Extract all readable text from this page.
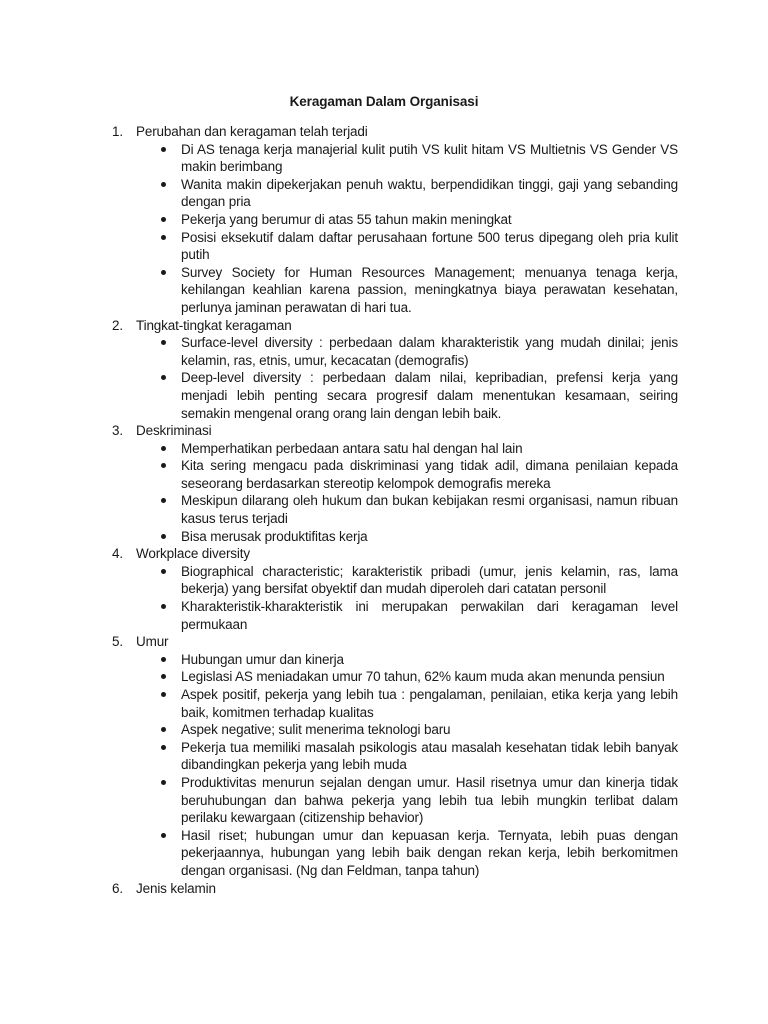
Keragaman Dalam Organisasi
1. Perubahan dan keragaman telah terjadi
Di AS tenaga kerja manajerial kulit putih VS kulit hitam VS Multietnis VS Gender VS makin berimbang
Wanita makin dipekerjakan penuh waktu, berpendidikan tinggi, gaji yang sebanding dengan pria
Pekerja yang berumur di atas 55 tahun makin meningkat
Posisi eksekutif dalam daftar perusahaan fortune 500 terus dipegang oleh pria kulit putih
Survey Society for Human Resources Management; menuanya tenaga kerja, kehilangan keahlian karena passion, meningkatnya biaya perawatan kesehatan, perlunya jaminan perawatan di hari tua.
2. Tingkat-tingkat keragaman
Surface-level diversity : perbedaan dalam kharakteristik yang mudah dinilai; jenis kelamin, ras, etnis, umur, kecacatan (demografis)
Deep-level diversity : perbedaan dalam nilai, kepribadian, prefensi kerja yang menjadi lebih penting secara progresif dalam menentukan kesamaan, seiring semakin mengenal orang orang lain dengan lebih baik.
3. Deskriminasi
Memperhatikan perbedaan antara satu hal dengan hal lain
Kita sering mengacu pada diskriminasi yang tidak adil, dimana penilaian kepada seseorang berdasarkan stereotip kelompok demografis mereka
Meskipun dilarang oleh hukum dan bukan kebijakan resmi organisasi, namun ribuan kasus terus terjadi
Bisa merusak produktifitas kerja
4. Workplace diversity
Biographical characteristic; karakteristik pribadi (umur, jenis kelamin, ras, lama bekerja) yang bersifat obyektif dan mudah diperoleh dari catatan personil
Kharakteristik-kharakteristik ini merupakan perwakilan dari keragaman level permukaan
5. Umur
Hubungan umur dan kinerja
Legislasi AS meniadakan umur 70 tahun, 62% kaum muda akan menunda pensiun
Aspek positif, pekerja yang lebih tua : pengalaman, penilaian, etika kerja yang lebih baik, komitmen terhadap kualitas
Aspek negative; sulit menerima teknologi baru
Pekerja tua memiliki masalah psikologis atau masalah kesehatan tidak lebih banyak dibandingkan pekerja yang lebih muda
Produktivitas menurun sejalan dengan umur. Hasil risetnya umur dan kinerja tidak beruhubungan dan bahwa pekerja yang lebih tua lebih mungkin terlibat dalam perilaku kewargaan (citizenship behavior)
Hasil riset; hubungan umur dan kepuasan kerja. Ternyata, lebih puas dengan pekerjaannya, hubungan yang lebih baik dengan rekan kerja, lebih berkomitmen dengan organisasi. (Ng dan Feldman, tanpa tahun)
6. Jenis kelamin
